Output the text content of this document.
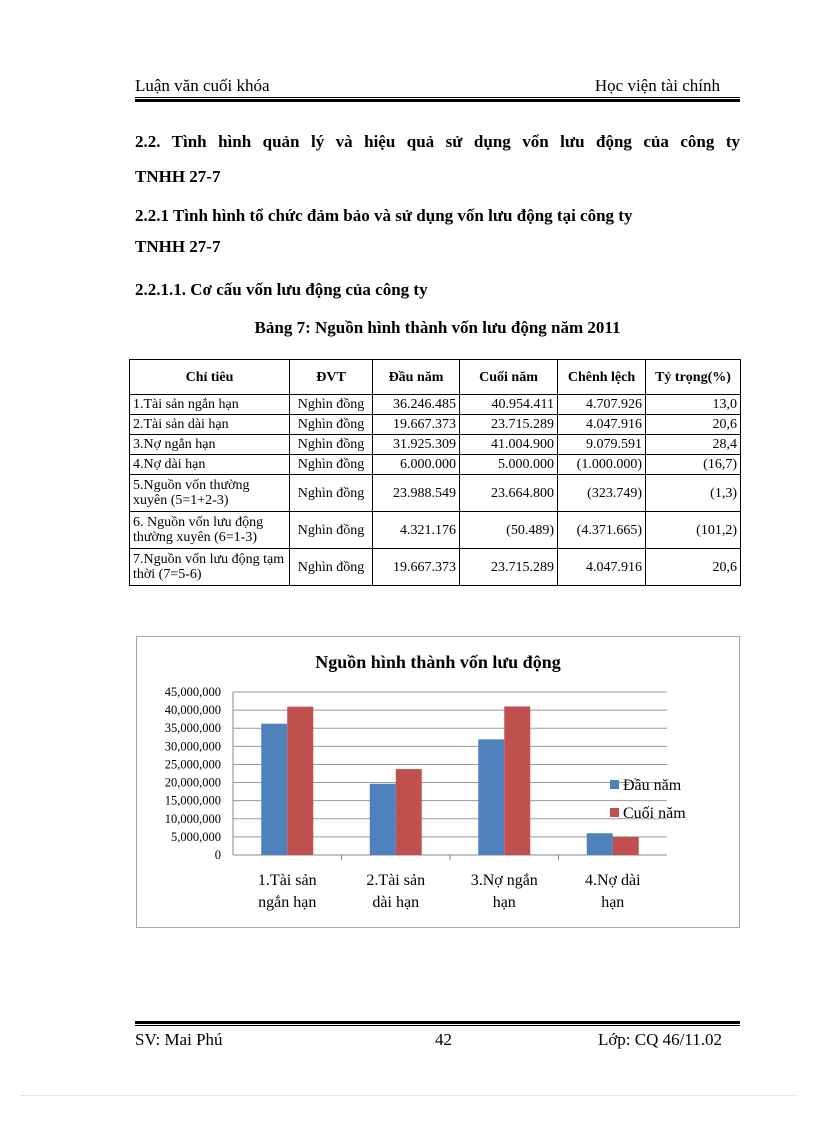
Luận văn cuối khóa	Học viện tài chính
2.2. Tình hình quản lý và hiệu quả sử dụng vốn lưu động của công ty
TNHH 27-7
2.2.1 Tình hình tổ chức đảm bảo và sử dụng vốn lưu động tại công ty
TNHH 27-7
2.2.1.1. Cơ cấu vốn lưu động của công ty
Bảng 7: Nguồn hình thành vốn lưu động năm 2011
Chỉ tiêu	ĐVT	Đầu năm	Cuối năm	Chênh lệch	Tỷ trọng(%)
1.Tài sản ngắn hạn	Nghìn đồng	36.246.485	40.954.411	4.707.926	13,0
2.Tài sản dài hạn	Nghìn đồng	19.667.373	23.715.289	4.047.916	20,6
3.Nợ ngắn hạn	Nghìn đồng	31.925.309	41.004.900	9.079.591	28,4
4.Nợ dài hạn	Nghìn đồng	6.000.000	5.000.000	(1.000.000)	(16,7)
5.Nguồn vốn thường xuyên (5=1+2-3)	Nghìn đồng	23.988.549	23.664.800	(323.749)	(1,3)
6. Nguồn vốn lưu động thường xuyên (6=1-3)	Nghìn đồng	4.321.176	(50.489)	(4.371.665)	(101,2)
7.Nguồn vốn lưu động tạm thời (7=5-6)	Nghìn đồng	19.667.373	23.715.289	4.047.916	20,6
Nguồn hình thành vốn lưu động
0
5,000,000
10,000,000
15,000,000
20,000,000
25,000,000
30,000,000
35,000,000
40,000,000
45,000,000
1.Tài sản
ngắn hạn
2.Tài sản
dài hạn
3.Nợ ngắn
hạn
4.Nợ dài
hạn
Đầu năm
Cuối năm
SV: Mai Phú	42	Lớp: CQ 46/11.02
